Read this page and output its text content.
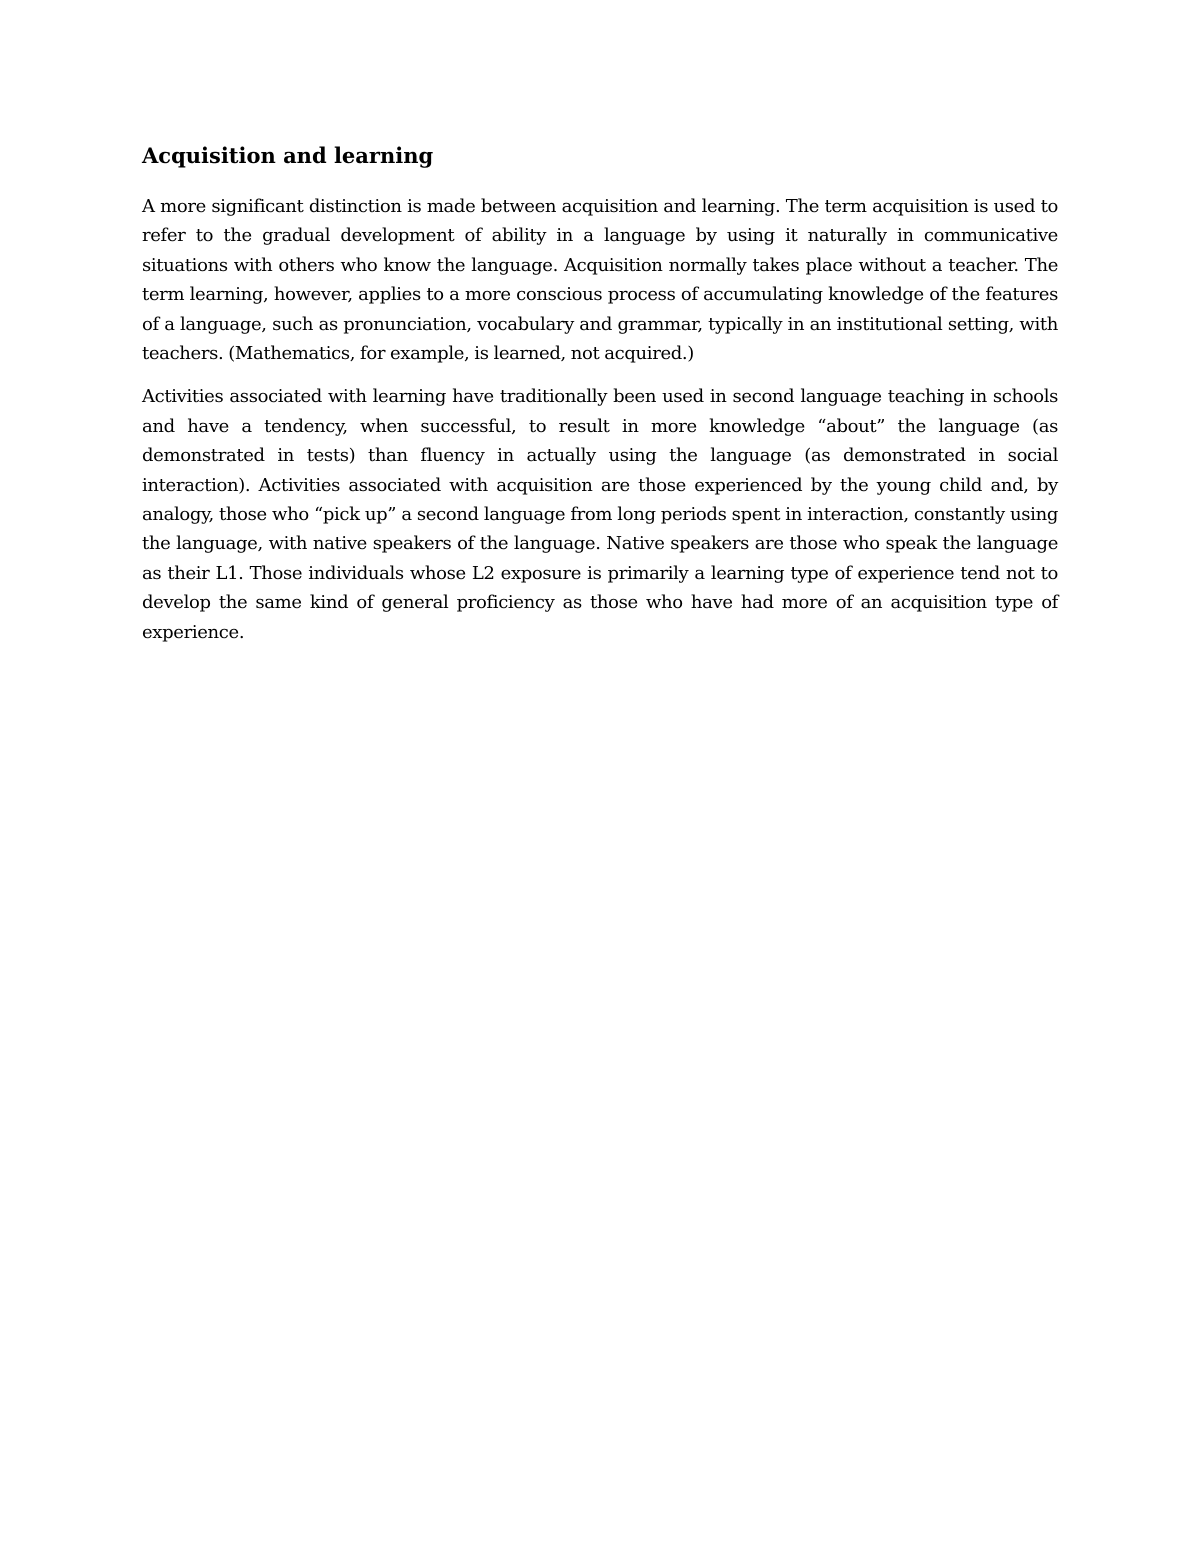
Acquisition and learning

A more significant distinction is made between acquisition and learning. The term acquisition is used to refer to the gradual development of ability in a language by using it naturally in communicative situations with others who know the language. Acquisition normally takes place without a teacher. The term learning, however, applies to a more conscious process of accumulating knowledge of the features of a language, such as pronunciation, vocabulary and grammar, typically in an institutional setting, with teachers. (Mathematics, for example, is learned, not acquired.)

Activities associated with learning have traditionally been used in second language teaching in schools and have a tendency, when successful, to result in more knowledge “about” the language (as demonstrated in tests) than fluency in actually using the language (as demonstrated in social interaction). Activities associated with acquisition are those experienced by the young child and, by analogy, those who “pick up” a second language from long periods spent in interaction, constantly using the language, with native speakers of the language. Native speakers are those who speak the language as their L1. Those individuals whose L2 exposure is primarily a learning type of experience tend not to develop the same kind of general proficiency as those who have had more of an acquisition type of experience.
